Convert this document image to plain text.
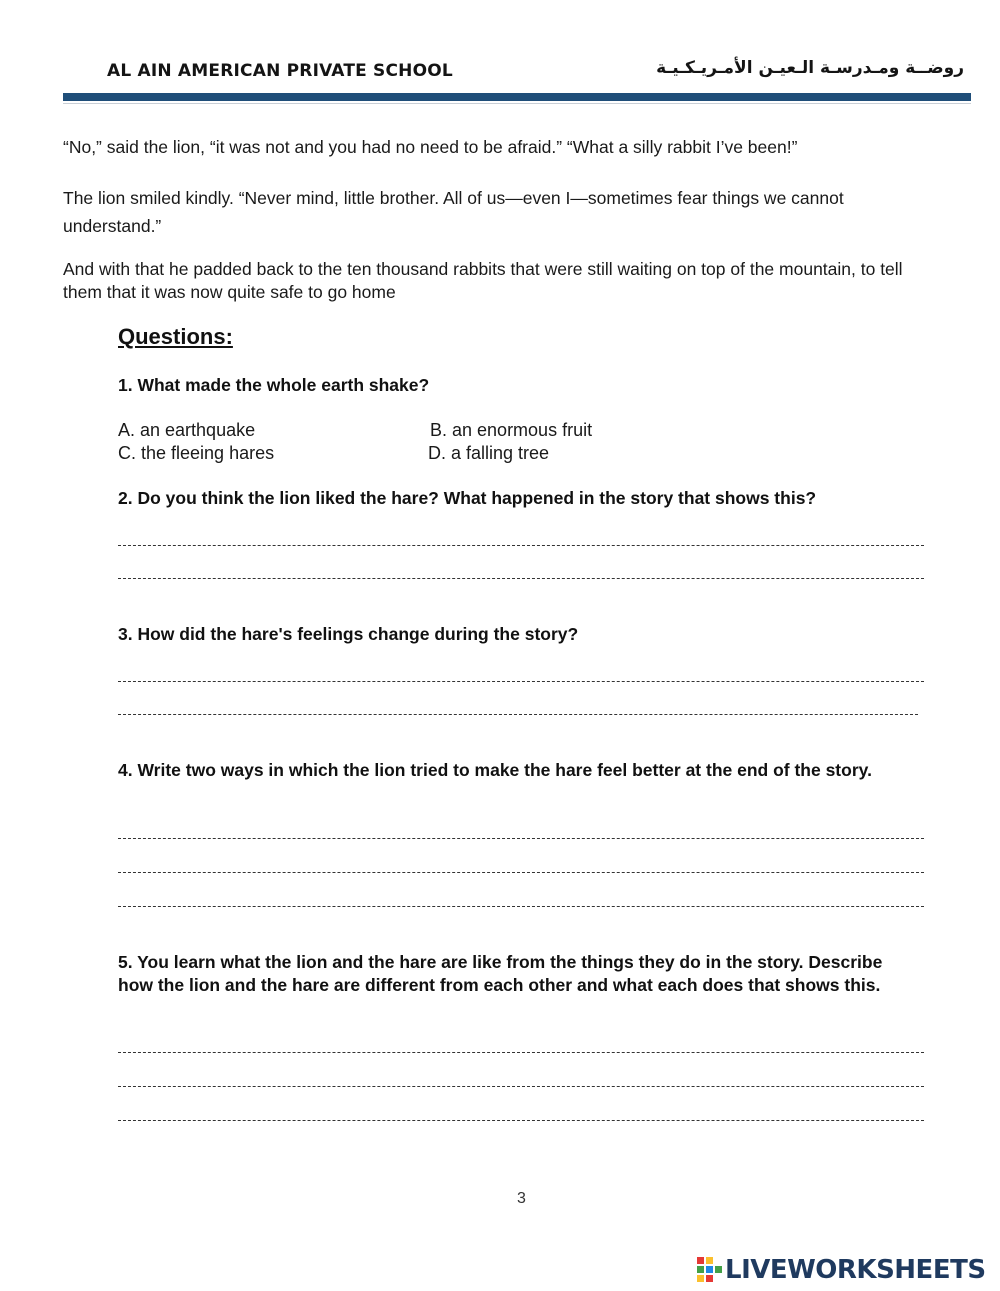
AL AIN AMERICAN PRIVATE SCHOOL	روضــة ومـدرسـة الـعيـن الأمـريـكـيـة
“No,” said the lion, “it was not and you had no need to be afraid.” “What a silly rabbit I’ve been!”
The lion smiled kindly. “Never mind, little brother. All of us—even I—sometimes fear things we cannot understand.”
And with that he padded back to the ten thousand rabbits that were still waiting on top of the mountain, to tell them that it was now quite safe to go home
Questions:
1. What made the whole earth shake?
A. an earthquake	B. an enormous fruit
C. the fleeing hares	D. a falling tree
2. Do you think the lion liked the hare? What happened in the story that shows this?
3. How did the hare's feelings change during the story?
4. Write two ways in which the lion tried to make the hare feel better at the end of the story.
5. You learn what the lion and the hare are like from the things they do in the story. Describe how the lion and the hare are different from each other and what each does that shows this.
3
LIVEWORKSHEETS
